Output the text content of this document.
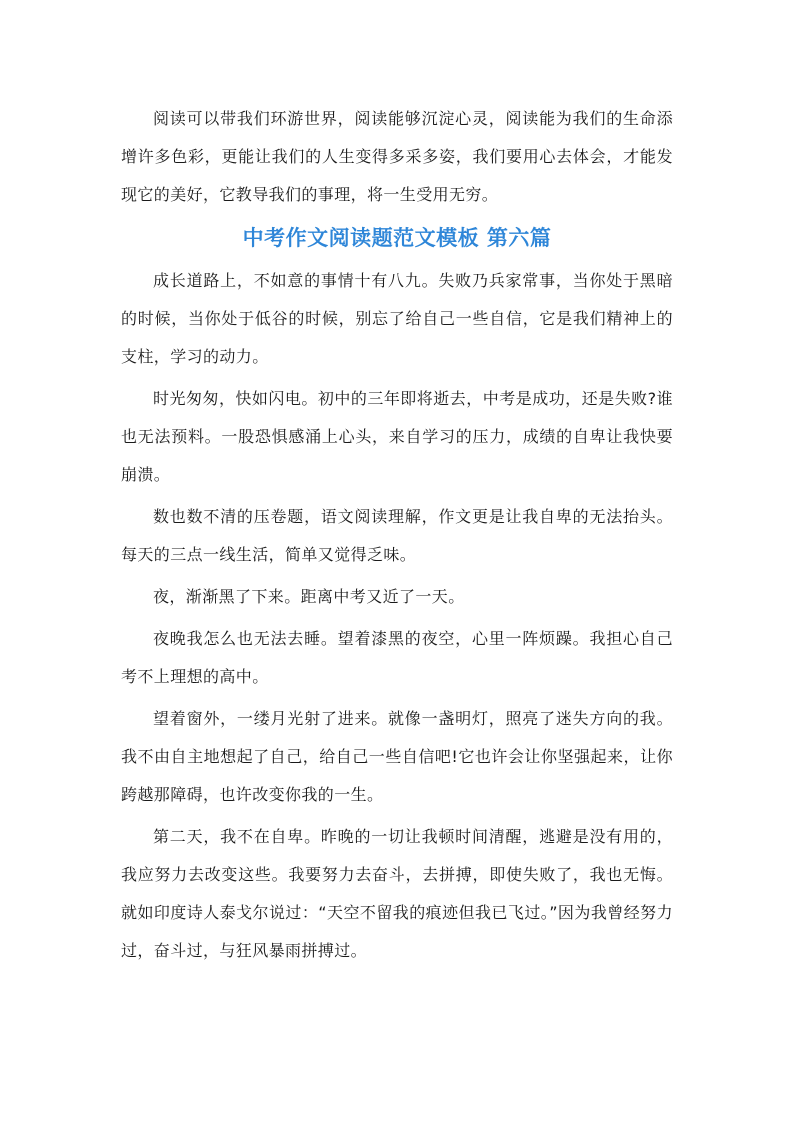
阅读可以带我们环游世界，阅读能够沉淀心灵，阅读能为我们的生命添增许多色彩，更能让我们的人生变得多采多姿，我们要用心去体会，才能发现它的美好，它教导我们的事理，将一生受用无穷。

中考作文阅读题范文模板 第六篇

成长道路上，不如意的事情十有八九。失败乃兵家常事，当你处于黑暗的时候，当你处于低谷的时候，别忘了给自己一些自信，它是我们精神上的支柱，学习的动力。

时光匆匆，快如闪电。初中的三年即将逝去，中考是成功，还是失败?谁也无法预料。一股恐惧感涌上心头，来自学习的压力，成绩的自卑让我快要崩溃。

数也数不清的压卷题，语文阅读理解，作文更是让我自卑的无法抬头。每天的三点一线生活，简单又觉得乏味。

夜，渐渐黑了下来。距离中考又近了一天。

夜晚我怎么也无法去睡。望着漆黑的夜空，心里一阵烦躁。我担心自己考不上理想的高中。

望着窗外，一缕月光射了进来。就像一盏明灯，照亮了迷失方向的我。我不由自主地想起了自己，给自己一些自信吧!它也许会让你坚强起来，让你跨越那障碍，也许改变你我的一生。

第二天，我不在自卑。昨晚的一切让我顿时间清醒，逃避是没有用的，我应努力去改变这些。我要努力去奋斗，去拼搏，即使失败了，我也无悔。就如印度诗人泰戈尔说过：“天空不留我的痕迹但我已飞过。”因为我曾经努力过，奋斗过，与狂风暴雨拼搏过。
